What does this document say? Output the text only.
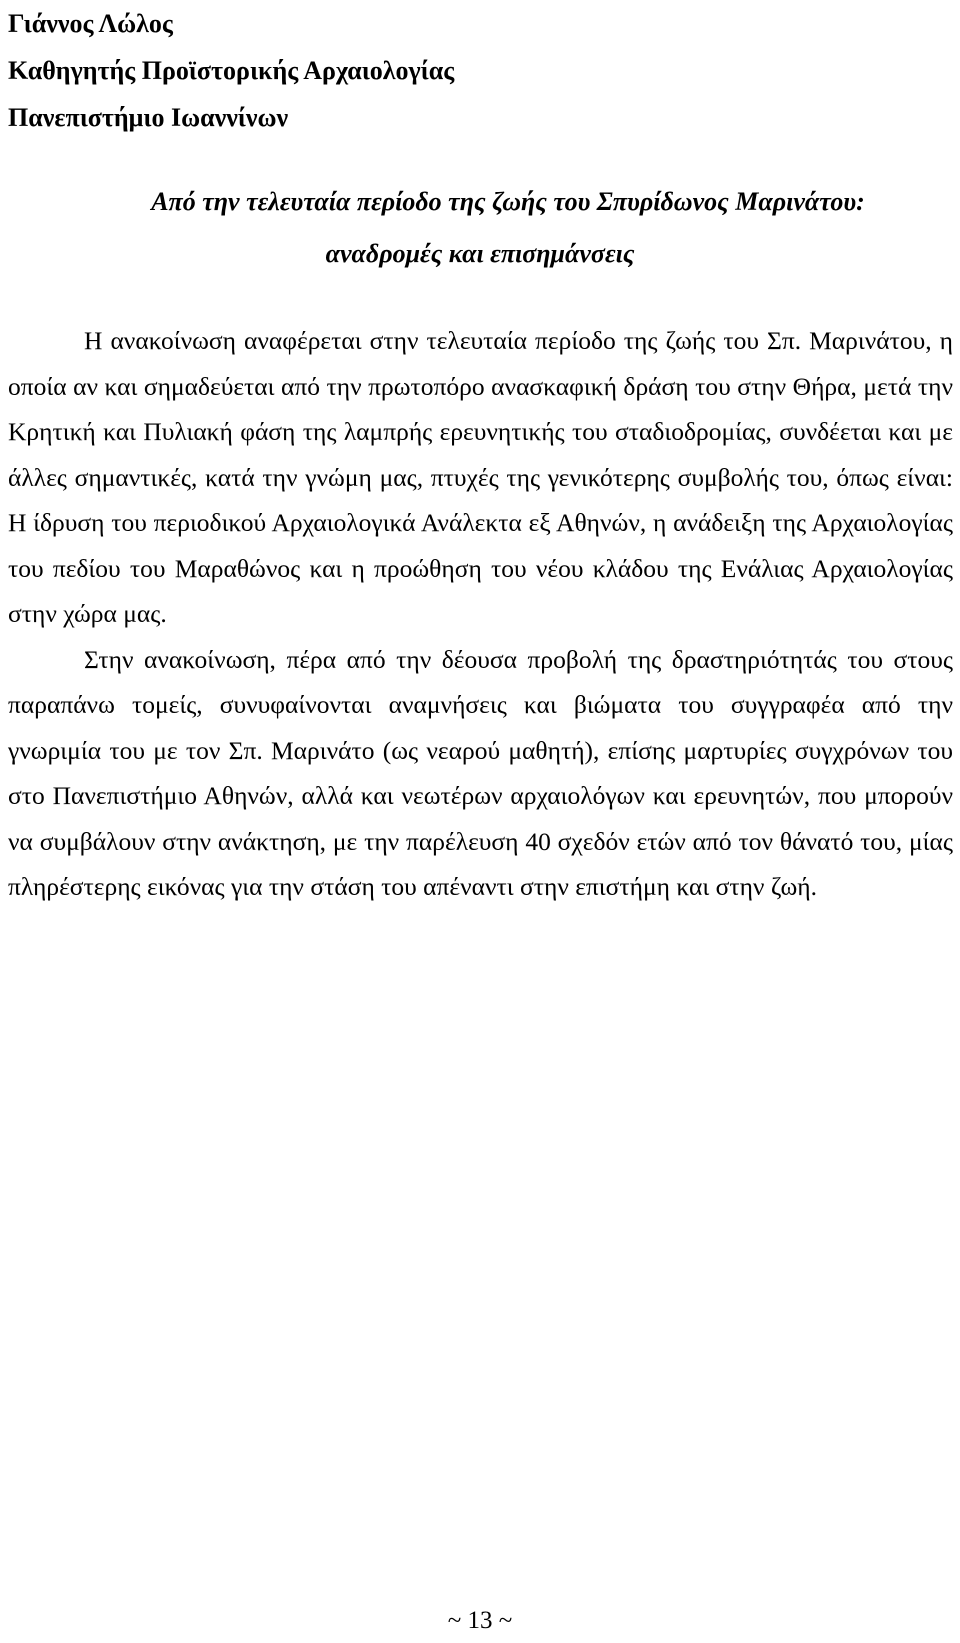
Γιάννος Λώλος
Καθηγητής Προϊστορικής Αρχαιολογίας
Πανεπιστήμιο Ιωαννίνων
Από την τελευταία περίοδο της ζωής του Σπυρίδωνος Μαρινάτου:
αναδρομές και επισημάνσεις

Η ανακοίνωση αναφέρεται στην τελευταία περίοδο της ζωής του Σπ. Μαρινάτου, η οποία αν και σημαδεύεται από την πρωτοπόρο ανασκαφική δράση του στην Θήρα, μετά την Κρητική και Πυλιακή φάση της λαμπρής ερευνητικής του σταδιοδρομίας, συνδέεται και με άλλες σημαντικές, κατά την γνώμη μας, πτυχές της γενικότερης συμβολής του, όπως είναι: Η ίδρυση του περιοδικού Αρχαιολογικά Ανάλεκτα εξ Αθηνών, η ανάδειξη της Αρχαιολογίας του πεδίου του Μαραθώνος και η προώθηση του νέου κλάδου της Ενάλιας Αρχαιολογίας στην χώρα μας.

Στην ανακοίνωση, πέρα από την δέουσα προβολή της δραστηριότητάς του στους παραπάνω τομείς, συνυφαίνονται αναμνήσεις και βιώματα του συγγραφέα από την γνωριμία του με τον Σπ. Μαρινάτο (ως νεαρού μαθητή), επίσης μαρτυρίες συγχρόνων του στο Πανεπιστήμιο Αθηνών, αλλά και νεωτέρων αρχαιολόγων και ερευνητών, που μπορούν να συμβάλουν στην ανάκτηση, με την παρέλευση 40 σχεδόν ετών από τον θάνατό του, μίας πληρέστερης εικόνας για την στάση του απέναντι στην επιστήμη και στην ζωή.

~ 13 ~
